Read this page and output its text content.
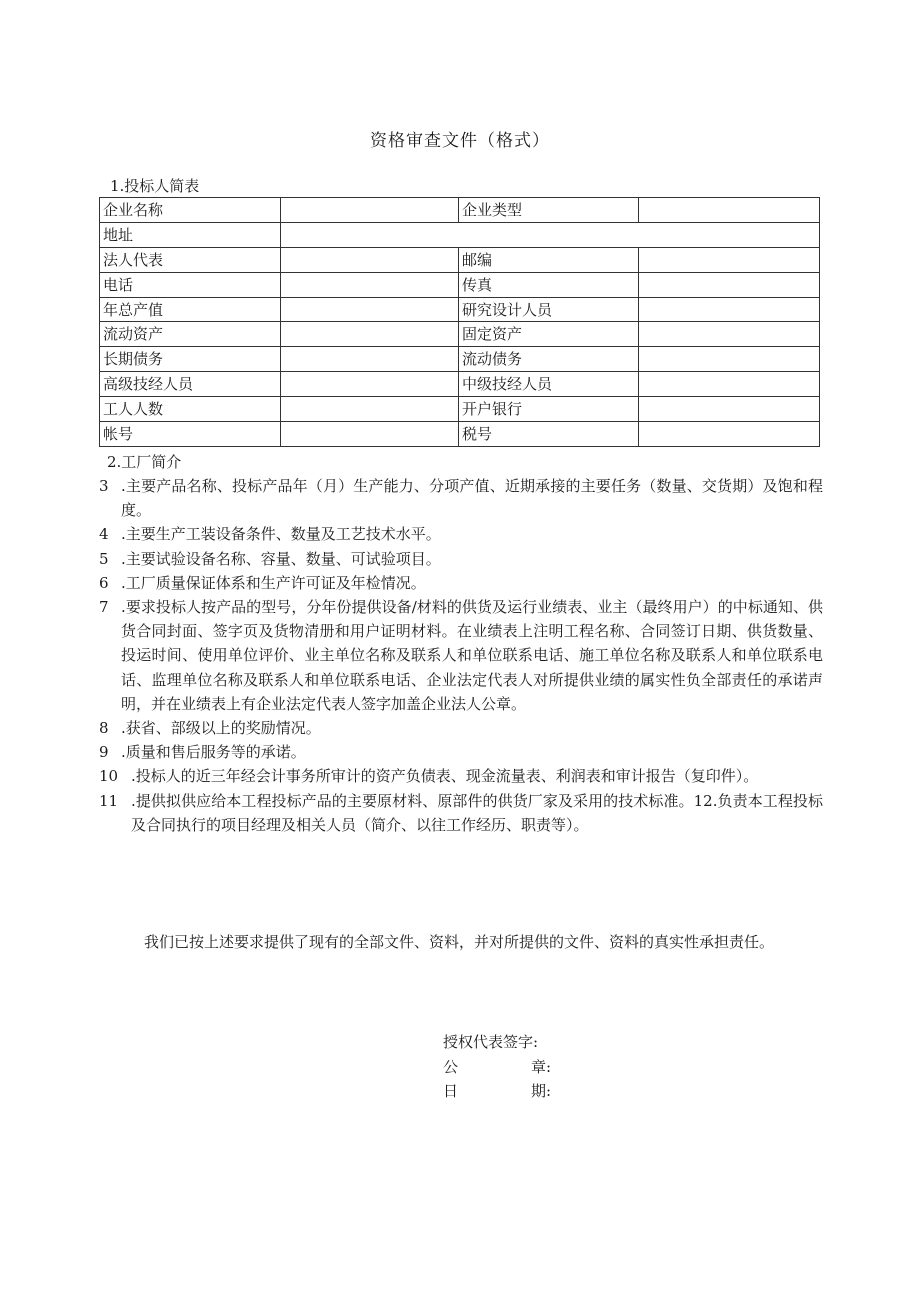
资格审查文件（格式）
1.投标人简表
企业名称		企业类型	
地址			
法人代表		邮编	
电话		传真	
年总产值		研究设计人员	
流动资产		固定资产	
长期债务		流动债务	
高级技经人员		中级技经人员	
工人人数		开户银行	
帐号		税号	
2.工厂简介
3 .主要产品名称、投标产品年（月）生产能力、分项产值、近期承接的主要任务（数量、交货期）及饱和程度。
4 .主要生产工装设备条件、数量及工艺技术水平。
5 .主要试验设备名称、容量、数量、可试验项目。
6 .工厂质量保证体系和生产许可证及年检情况。
7 .要求投标人按产品的型号，分年份提供设备/材料的供货及运行业绩表、业主（最终用户）的中标通知、供货合同封面、签字页及货物清册和用户证明材料。在业绩表上注明工程名称、合同签订日期、供货数量、投运时间、使用单位评价、业主单位名称及联系人和单位联系电话、施工单位名称及联系人和单位联系电话、监理单位名称及联系人和单位联系电话、企业法定代表人对所提供业绩的属实性负全部责任的承诺声明，并在业绩表上有企业法定代表人签字加盖企业法人公章。
8 .获省、部级以上的奖励情况。
9 .质量和售后服务等的承诺。
10 .投标人的近三年经会计事务所审计的资产负债表、现金流量表、利润表和审计报告（复印件）。
11 .提供拟供应给本工程投标产品的主要原材料、原部件的供货厂家及采用的技术标准。12.负责本工程投标及合同执行的项目经理及相关人员（简介、以往工作经历、职责等）。
我们已按上述要求提供了现有的全部文件、资料，并对所提供的文件、资料的真实性承担责任。
授权代表签字:
公	章:
日	期:
